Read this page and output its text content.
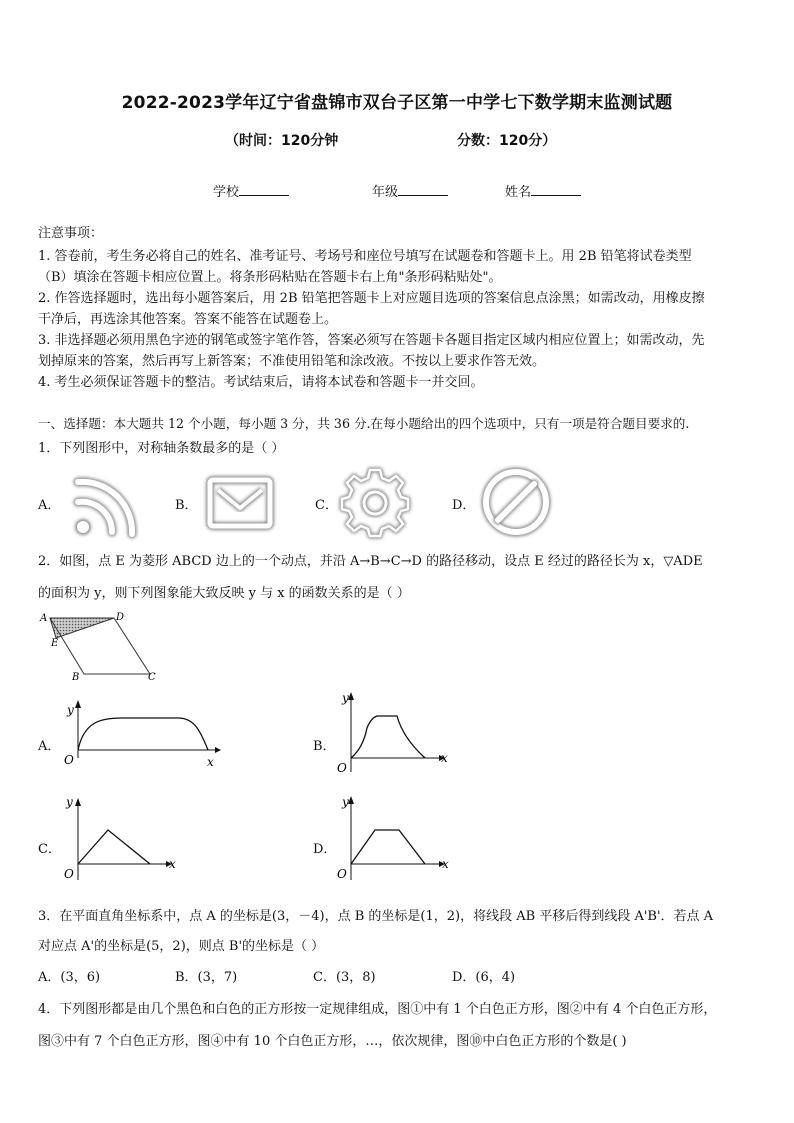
2022-2023学年辽宁省盘锦市双台子区第一中学七下数学期末监测试题
（时间：120分钟	分数：120分）
学校	年级	姓名
注意事项：
1. 答卷前，考生务必将自己的姓名、准考证号、考场号和座位号填写在试题卷和答题卡上。用 2B 铅笔将试卷类型
（B）填涂在答题卡相应位置上。将条形码粘贴在答题卡右上角"条形码粘贴处"。
2. 作答选择题时，选出每小题答案后，用 2B 铅笔把答题卡上对应题目选项的答案信息点涂黑；如需改动，用橡皮擦
干净后，再选涂其他答案。答案不能答在试题卷上。
3. 非选择题必须用黑色字迹的钢笔或签字笔作答，答案必须写在答题卡各题目指定区域内相应位置上；如需改动，先
划掉原来的答案，然后再写上新答案；不准使用铅笔和涂改液。不按以上要求作答无效。
4. 考生必须保证答题卡的整洁。考试结束后，请将本试卷和答题卡一并交回。
一、选择题：本大题共 12 个小题，每小题 3 分，共 36 分.在每小题给出的四个选项中，只有一项是符合题目要求的.
1．下列图形中，对称轴条数最多的是（ ）
A．	B．	C．	D．
2．如图，点 E 为菱形 ABCD 边上的一个动点，并沿 A→B→C→D 的路径移动，设点 E 经过的路径长为 x，▽ADE
的面积为 y，则下列图象能大致反映 y 与 x 的函数关系的是（ ）
A	D
E
B	C
A．
y
x
O
B．
y
x
O
C．
y
x
O
D．
y
x
O
3．在平面直角坐标系中，点 A 的坐标是(3，－4)，点 B 的坐标是(1，2)，将线段 AB 平移后得到线段 A'B'．若点 A
对应点 A'的坐标是(5，2)，则点 B'的坐标是（ ）
A．(3，6)	B．(3，7)	C．(3，8)	D．(6，4)
4．下列图形都是由几个黑色和白色的正方形按一定规律组成，图①中有 1 个白色正方形，图②中有 4 个白色正方形，
图③中有 7 个白色正方形，图④中有 10 个白色正方形，…，依次规律，图⑩中白色正方形的个数是( )
